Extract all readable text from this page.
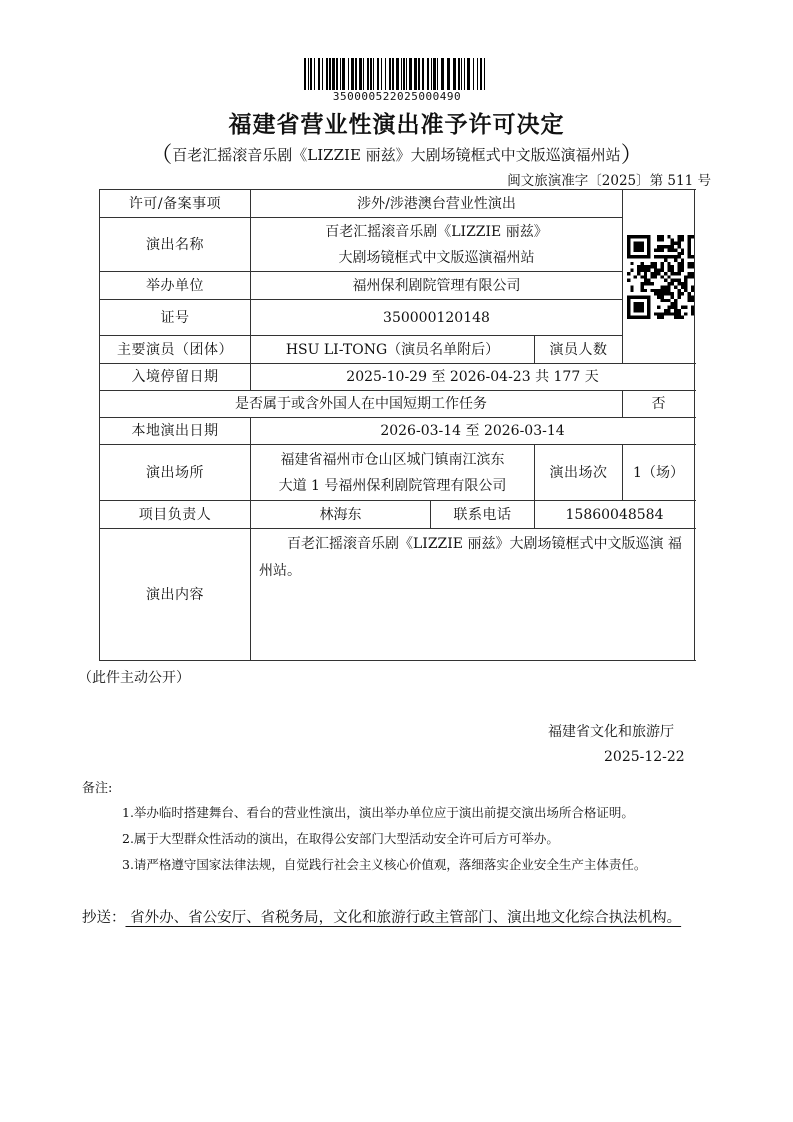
350000522025000490
福建省营业性演出准予许可决定
（百老汇摇滚音乐剧《LIZZIE 丽兹》大剧场镜框式中文版巡演福州站）
闽文旅演准字〔2025〕第 511 号
许可/备案事项	涉外/涉港澳台营业性演出	

演出名称	百老汇摇滚音乐剧《LIZZIE 丽兹》
大剧场镜框式中文版巡演福州站			

举办单位	福州保利剧院管理有限公司			
证号	350000120148			
主要演员（团体）	HSU LI-TONG（演员名单附后）		演员人数	
入境停留日期	2025-10-29 至 2026-04-23 共 177 天			
是否属于或含外国人在中国短期工作任务				否
本地演出日期	2026-03-14 至 2026-03-14			
演出场所	福建省福州市仓山区城门镇南江滨东
大道 1 号福州保利剧院管理有限公司		演出场次	1（场）
项目负责人	林海东	联系电话	15860048584	
演出内容	百老汇摇滚音乐剧《LIZZIE 丽兹》大剧场镜框式中文版巡演 福州站。			
（此件主动公开）
福建省文化和旅游厅
2025-12-22
备注:
1.举办临时搭建舞台、看台的营业性演出，演出举办单位应于演出前提交演出场所合格证明。
2.属于大型群众性活动的演出，在取得公安部门大型活动安全许可后方可举办。
3.请严格遵守国家法律法规，自觉践行社会主义核心价值观，落细落实企业安全生产主体责任。
抄送： 省外办、省公安厅、省税务局，文化和旅游行政主管部门、演出地文化综合执法机构。
